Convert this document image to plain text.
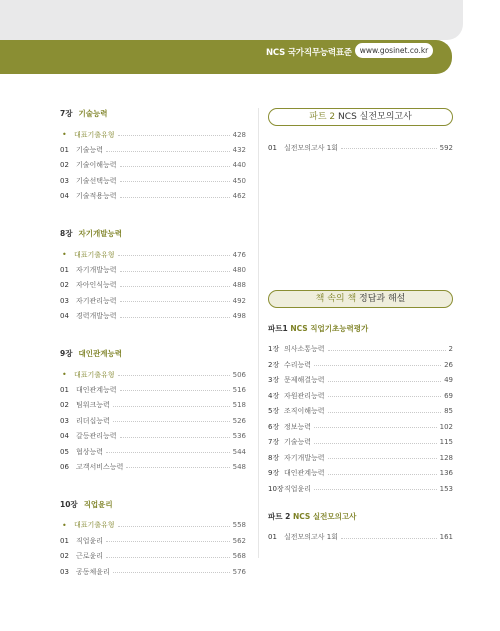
NCS 국가직무능력표준	www.gosinet.co.kr
7장 기술능력
•	대표기출유형	428
01	기술능력	432
02	기술이해능력	440
03	기술선택능력	450
04	기술적용능력	462
8장 자기개발능력
•	대표기출유형	476
01	자기개발능력	480
02	자아인식능력	488
03	자기관리능력	492
04	경력개발능력	498
9장 대인관계능력
•	대표기출유형	506
01	대인관계능력	516
02	팀워크능력	518
03	리더십능력	526
04	갈등관리능력	536
05	협상능력	544
06	고객서비스능력	548
10장 직업윤리
•	대표기출유형	558
01	직업윤리	562
02	근로윤리	568
03	공동체윤리	576
파트 2 NCS 실전모의고사
01	실전모의고사 1회	592
책 속의 책 정답과 해설
파트1 NCS 직업기초능력평가
1장 의사소통능력	2
2장 수리능력	26
3장 문제해결능력	49
4장 자원관리능력	69
5장 조직이해능력	85
6장 정보능력	102
7장 기술능력	115
8장 자기개발능력	128
9장 대인관계능력	136
10장 직업윤리	153
파트 2 NCS 실전모의고사
01	실전모의고사 1회	161
